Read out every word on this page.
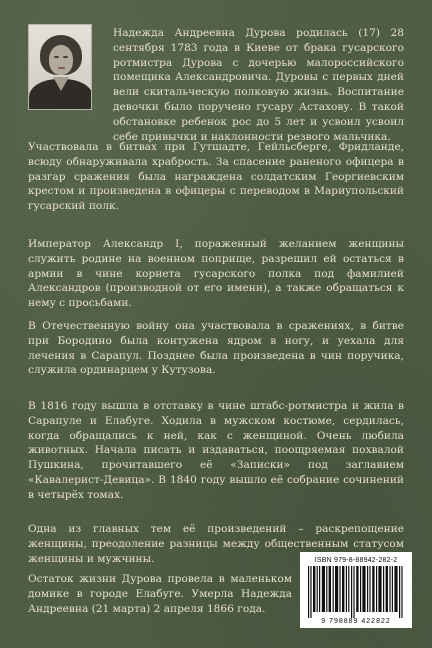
Надежда Андреевна Дурова родилась (17) 28 сентября 1783 года в Киеве от брака гусарского ротмистра Дурова с дочерью малороссийского помещика Александровича. Дуровы с первых дней вели скитальческую полковую жизнь. Воспитание девочки было поручено гусару Астахову. В такой обстановке ребенок рос до 5 лет и усвоил усвоил себе привычки и наклонности резвого мальчика.

Участвовала в битвах при Гутшадте, Гейльсберге, Фридланде, всюду обнаруживала храбрость. За спасение раненого офицера в разгар сражения была награждена солдатским Георгиевским крестом и произведена в офицеры с переводом в Мариупольский гусарский полк.

Император Александр I, пораженный желанием женщины служить родине на военном поприще, разрешил ей остаться в армии в чине корнета гусарского полка под фамилией Александров (производной от его имени), а также обращаться к нему с просьбами.

В Отечественную войну она участвовала в сражениях, в битве при Бородино была контужена ядром в ногу, и уехала для лечения в Сарапул. Позднее была произведена в чин поручика, служила ординарцем у Кутузова.

В 1816 году вышла в отставку в чине штабс-ротмистра и жила в Сарапуле и Елабуге. Ходила в мужском костюме, сердилась, когда обращались к ней, как с женщиной. Очень любила животных. Начала писать и издаваться, поощряемая похвалой Пушкина, прочитавшего её «Записки» под заглавием «Кавалерист-Девица». В 1840 году вышло её собрание сочинений в четырёх томах.

Одна из главных тем её произведений – раскрепощение женщины, преодоление разницы между общественным статусом женщины и мужчины.

Остаток жизни Дурова провела в маленьком домике в городе Елабуге. Умерла Надежда Андреевна (21 марта) 2 апреля 1866 года.

ISBN 979-8-88942-282-2
9 798889 422822
